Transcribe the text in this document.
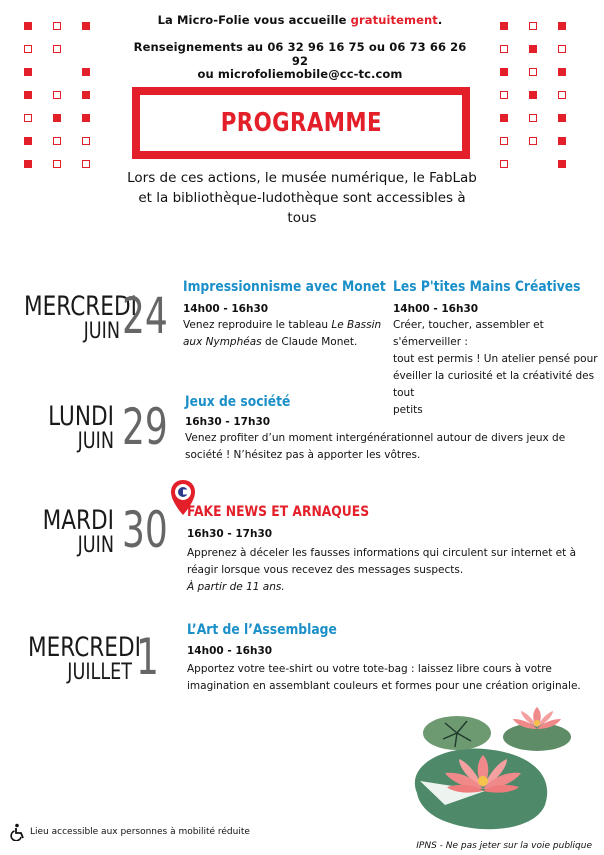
La Micro-Folie vous accueille gratuitement.
Renseignements au 06 32 96 16 75 ou 06 73 66 26 92
ou microfoliemobile@cc-tc.com
PROGRAMME
Lors de ces actions, le musée numérique, le FabLab
et la bibliothèque-ludothèque sont accessibles à
tous
MERCREDI
JUIN 24 Impressionnisme avec Monet
14h00 - 16h30
Venez reproduire le tableau Le Bassin
aux Nymphéas de Claude Monet.
Les P'tites Mains Créatives
14h00 - 16h30
Créer, toucher, assembler et s'émerveiller :
tout est permis ! Un atelier pensé pour
éveiller la curiosité et la créativité des tout
petits
LUNDI
JUIN 29 Jeux de société
16h30 - 17h30
Venez profiter d’un moment intergénérationnel autour de divers jeux de
société ! N’hésitez pas à apporter les vôtres.
MARDI
JUIN 30 FAKE NEWS ET ARNAQUES
16h30 - 17h30
Apprenez à déceler les fausses informations qui circulent sur internet et à
réagir lorsque vous recevez des messages suspects.
À partir de 11 ans.
MERCREDI
JUILLET 1 L’Art de l’Assemblage
14h00 - 16h30
Apportez votre tee-shirt ou votre tote-bag : laissez libre cours à votre
imagination en assemblant couleurs et formes pour une création originale.
Lieu accessible aux personnes à mobilité réduite
IPNS - Ne pas jeter sur la voie publique
